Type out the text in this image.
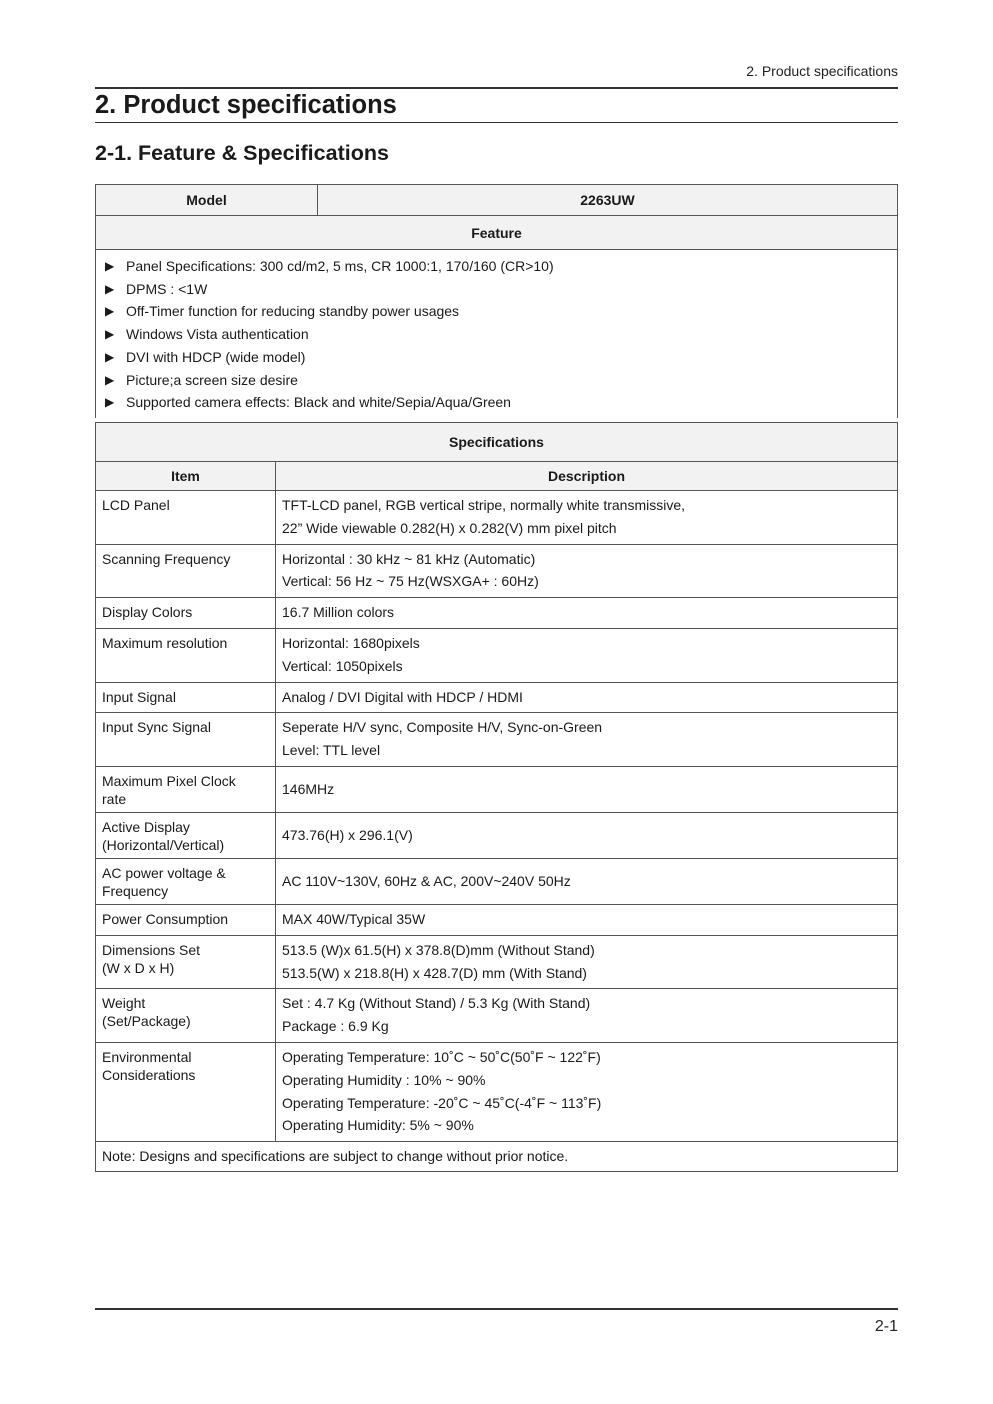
2. Product specifications
2. Product specifications
2-1. Feature & Specifications
Model	2263UW
Feature

▶ Panel Specifications: 300 cd/m2, 5 ms, CR 1000:1, 170/160 (CR>10)
▶ DPMS : <1W
▶ Off-Timer function for reducing standby power usages
▶ Windows Vista authentication
▶ DVI with HDCP (wide model)
▶ Picture;a screen size desire
▶ Supported camera effects: Black and white/Sepia/Aqua/Green
Specifications	
Item	Description

LCD Panel	TFT-LCD panel, RGB vertical stripe, normally white transmissive,
22” Wide viewable 0.282(H) x 0.282(V) mm pixel pitch

Scanning Frequency	Horizontal : 30 kHz ~ 81 kHz (Automatic)
Vertical: 56 Hz ~ 75 Hz(WSXGA+ : 60Hz)

Display Colors	16.7 Million colors

Maximum resolution	Horizontal: 1680pixels
Vertical: 1050pixels

Input Signal	Analog / DVI Digital with HDCP / HDMI

Input Sync Signal	Seperate H/V sync, Composite H/V, Sync-on-Green
Level: TTL level

Maximum Pixel Clock
rate	146MHz

Active Display
(Horizontal/Vertical)	473.76(H) x 296.1(V)

AC power voltage &
Frequency	AC 110V~130V, 60Hz & AC, 200V~240V 50Hz

Power Consumption	MAX 40W/Typical 35W

Dimensions Set
(W x D x H)	513.5 (W)x 61.5(H) x 378.8(D)mm (Without Stand)
513.5(W) x 218.8(H) x 428.7(D) mm (With Stand)

Weight
(Set/Package)	Set : 4.7 Kg (Without Stand) / 5.3 Kg (With Stand)
Package : 6.9 Kg

Environmental
Considerations	Operating Temperature: 10˚C ~ 50˚C(50˚F ~ 122˚F)
Operating Humidity : 10% ~ 90%
Operating Temperature: -20˚C ~ 45˚C(-4˚F ~ 113˚F)
Operating Humidity: 5% ~ 90%

Note: Designs and specifications are subject to change without prior notice.	
2-1
